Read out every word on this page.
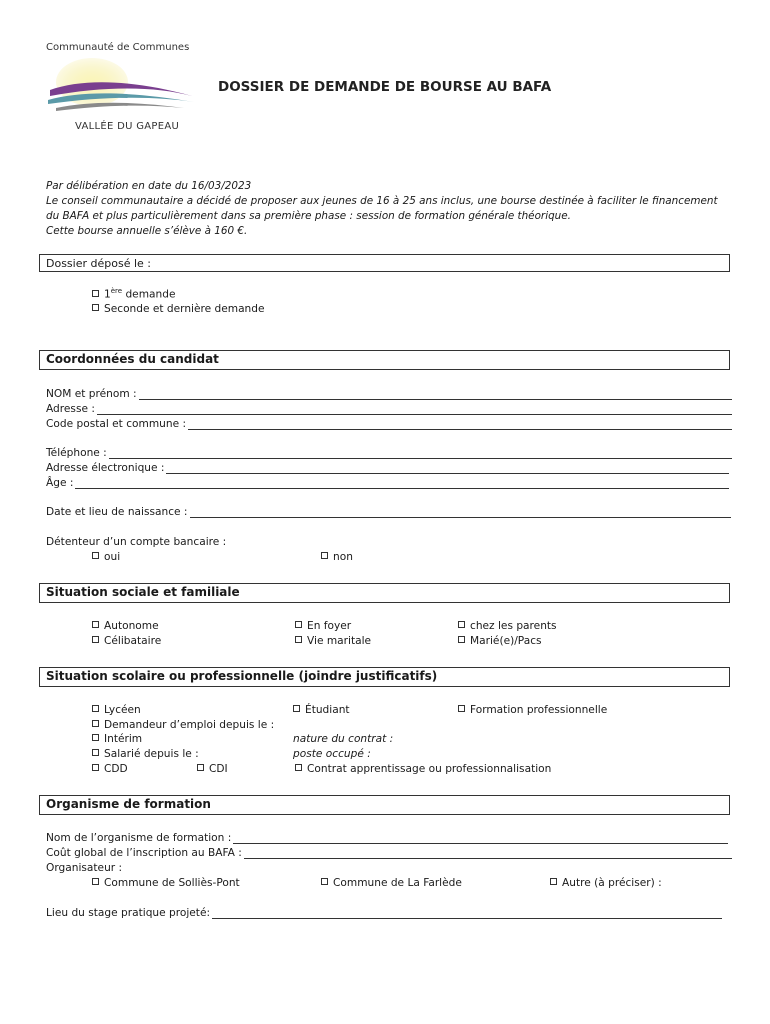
Communauté de Communes
VALLÉE DU GAPEAU
DOSSIER DE DEMANDE DE BOURSE AU BAFA
Par délibération en date du 16/03/2023
Le conseil communautaire a décidé de proposer aux jeunes de 16 à 25 ans inclus, une bourse destinée à faciliter le financement
du BAFA et plus particulièrement dans sa première phase : session de formation générale théorique.
Cette bourse annuelle s’élève à 160 €.
Dossier déposé le :
1ère demande
Seconde et dernière demande
Coordonnées du candidat
NOM et prénom :
Adresse :
Code postal et commune :
Téléphone :
Adresse électronique :
Âge :
Date et lieu de naissance :
Détenteur d’un compte bancaire :
oui	non
Situation sociale et familiale
Autonome	En foyer	chez les parents
Célibataire	Vie maritale	Marié(e)/Pacs
Situation scolaire ou professionnelle (joindre justificatifs)
Lycéen	Étudiant	Formation professionnelle
Demandeur d’emploi depuis le :
Intérim	nature du contrat :
Salarié depuis le :	poste occupé :
CDD	CDI	Contrat apprentissage ou professionnalisation
Organisme de formation
Nom de l’organisme de formation :
Coût global de l’inscription au BAFA :
Organisateur :
Commune de Solliès-Pont	Commune de La Farlède	Autre (à préciser) :
Lieu du stage pratique projeté:
